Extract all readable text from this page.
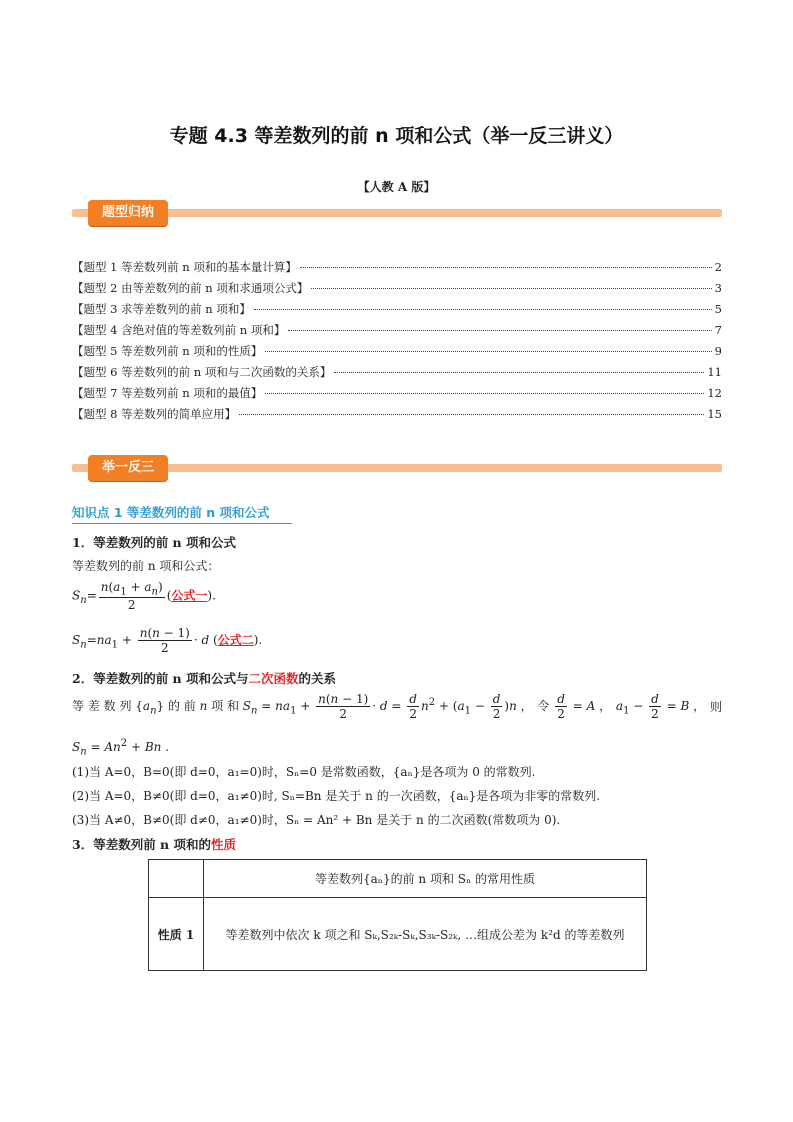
专题 4.3 等差数列的前 n 项和公式（举一反三讲义）
【人教 A 版】
题型归纳
【题型 1 等差数列前 n 项和的基本量计算】	2
【题型 2 由等差数列的前 n 项和求通项公式】	3
【题型 3 求等差数列的前 n 项和】	5
【题型 4 含绝对值的等差数列前 n 项和】	7
【题型 5 等差数列前 n 项和的性质】	9
【题型 6 等差数列的前 n 项和与二次函数的关系】	11
【题型 7 等差数列前 n 项和的最值】	12
【题型 8 等差数列的简单应用】	15
举一反三
知识点 1 等差数列的前 n 项和公式
1．等差数列的前 n 项和公式
等差数列的前 n 项和公式：
$S_n= \frac{n(a_1 + a_n)}{2}$ (公式一).
$S_n=na_1 + \frac{n(n - 1)}{2} \cdot d$ (公式二).
2．等差数列的前 n 项和公式与二次函数的关系
等 差 数 列 $\{a_n\}$ 的 前 n 项 和 $S_n = na_1 + \frac{n(n - 1)}{2} \cdot d = \frac{d}{2} n^2 + (a_1 - \frac{d}{2} )n$ ， 令 $\frac{d}{2} = A$ ， $a_1 - \frac{d}{2} = B$ ， 则
$S_n = An^2 + Bn$ .
(1)当 A=0，B=0(即 d=0，a₁=0)时，Sₙ=0 是常数函数，{aₙ}是各项为 0 的常数列.
(2)当 A=0，B≠0(即 d=0，a₁≠0)时, Sₙ=Bn 是关于 n 的一次函数，{aₙ}是各项为非零的常数列.
(3)当 A≠0，B≠0(即 d≠0，a₁≠0)时，Sₙ = An² + Bn 是关于 n 的二次函数(常数项为 0).
3．等差数列前 n 项和的性质
	等差数列{aₙ}的前 n 项和 Sₙ 的常用性质
性质 1	等差数列中依次 k 项之和 Sₖ,S₂ₖ-Sₖ,S₃ₖ-S₂ₖ, …组成公差为 k²d 的等差数列
